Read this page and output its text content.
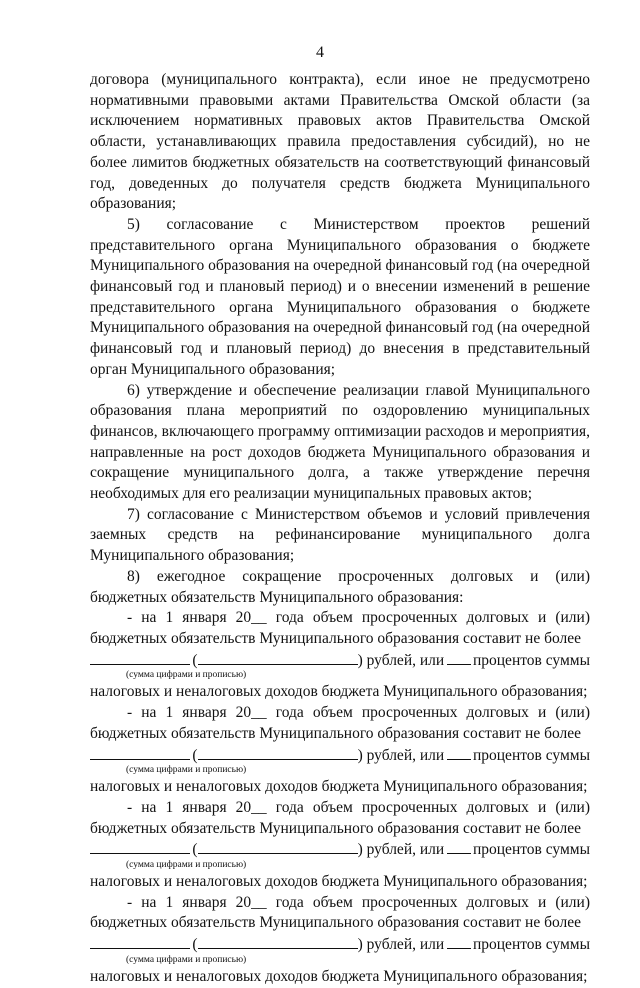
4

договора (муниципального контракта), если иное не предусмотрено нормативными правовыми актами Правительства Омской области (за исключением нормативных правовых актов Правительства Омской области, устанавливающих правила предоставления субсидий), но не более лимитов бюджетных обязательств на соответствующий финансовый год, доведенных до получателя средств бюджета Муниципального образования;

5) согласование с Министерством проектов решений представительного органа Муниципального образования о бюджете Муниципального образования на очередной финансовый год (на очередной финансовый год и плановый период) и о внесении изменений в решение представительного органа Муниципального образования о бюджете Муниципального образования на очередной финансовый год (на очередной финансовый год и плановый период) до внесения в представительный орган Муниципального образования;

6) утверждение и обеспечение реализации главой Муниципального образования плана мероприятий по оздоровлению муниципальных финансов, включающего программу оптимизации расходов и мероприятия, направленные на рост доходов бюджета Муниципального образования и сокращение муниципального долга, а также утверждение перечня необходимых для его реализации муниципальных правовых актов;

7) согласование с Министерством объемов и условий привлечения заемных средств на рефинансирование муниципального долга Муниципального образования;

8) ежегодное сокращение просроченных долговых и (или) бюджетных обязательств Муниципального образования:

- на 1 января 20__ года объем просроченных долговых и (или) бюджетных обязательств Муниципального образования составит не более

(	) рублей, или процентов суммы
(сумма цифрами и прописью)

налоговых и неналоговых доходов бюджета Муниципального образования;

- на 1 января 20__ года объем просроченных долговых и (или) бюджетных обязательств Муниципального образования составит не более

(	) рублей, или процентов суммы
(сумма цифрами и прописью)

налоговых и неналоговых доходов бюджета Муниципального образования;

- на 1 января 20__ года объем просроченных долговых и (или) бюджетных обязательств Муниципального образования составит не более

(	) рублей, или процентов суммы
(сумма цифрами и прописью)

налоговых и неналоговых доходов бюджета Муниципального образования;

- на 1 января 20__ года объем просроченных долговых и (или) бюджетных обязательств Муниципального образования составит не более

(	) рублей, или процентов суммы
(сумма цифрами и прописью)

налоговых и неналоговых доходов бюджета Муниципального образования;
